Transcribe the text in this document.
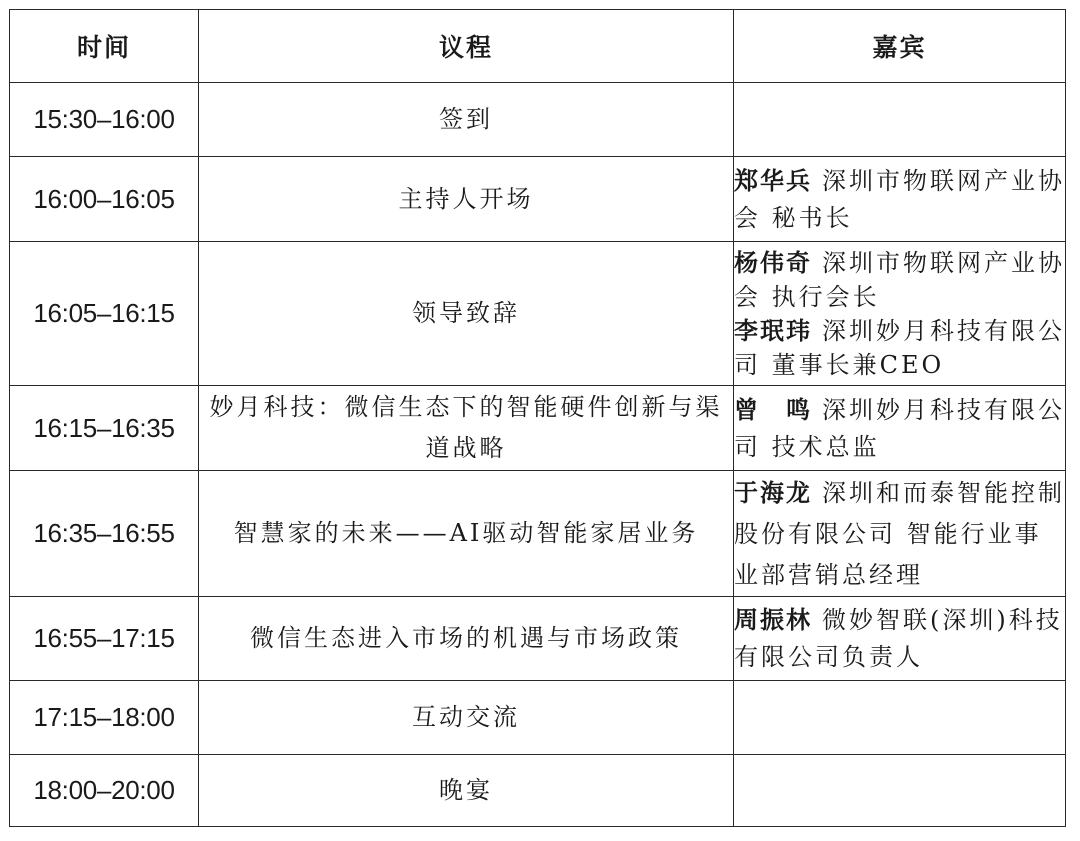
时间	议程	嘉宾
15:30–16:00	签到	
16:00–16:05	主持人开场	郑华兵 深圳市物联网产业协会 秘书长
16:05–16:15	领导致辞	杨伟奇 深圳市物联网产业协会 执行会长
李珉玮 深圳妙月科技有限公司 董事长兼CEO

16:15–16:35	妙月科技：微信生态下的智能硬件创新与渠道战略	曾　鸣 深圳妙月科技有限公司 技术总监
16:35–16:55	智慧家的未来——AI驱动智能家居业务	于海龙 深圳和而泰智能控制股份有限公司 智能行业事业部营销总经理
16:55–17:15	微信生态进入市场的机遇与市场政策	周振林 微妙智联(深圳)科技有限公司负责人
17:15–18:00	互动交流	
18:00–20:00	晚宴	
